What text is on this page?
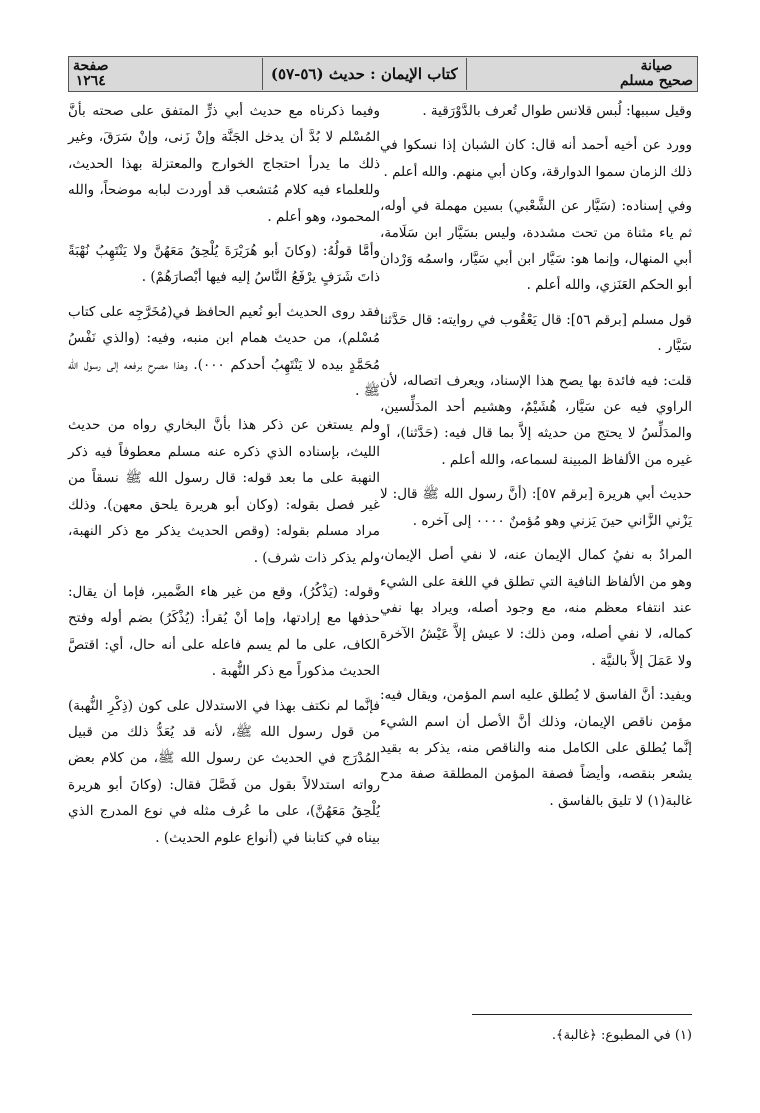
صيانة
صحيح مسلم
كتاب الإيمان : حديث (٥٦-٥٧)
صفحة
١٢٦٤

وقيل سببها: لُبس قلانس طوال تُعرف بالدَّوْرَقية .

وورد عن أخيه أحمد أنه قال: كان الشبان إذا نسكوا في ذلك الزمان سموا الدوارقة، وكان أبي منهم. والله أعلم .

وفي إسناده: (سَيَّار عن الشَّعْبي) بسين مهملة في أوله، ثم ياء مثناة من تحت مشددة، وليس بسَيَّار ابن سَلَامة، أبي المنهال، وإنما هو: سَيَّار ابن أبي سَيَّار، واسمُه وَرْدان أبو الحكم العَنَزي، والله أعلم .

قول مسلم [برقم ٥٦]: قال يَعْقُوب في روايته: قال حَدَّثنا سَيَّار .

قلت: فيه فائدة بها يصح هذا الإسناد، ويعرف اتصاله، لأن الراوي فيه عن سَيَّار، هُشَيْمٌ، وهشيم أحد المدَلِّسين، والمدَلِّسُ لا يحتج من حديثه إلاَّ بما قال فيه: (حَدَّثنا)، أو غيره من الألفاظ المبينة لسماعه، والله أعلم .

حديث أبي هريرة [برقم ٥٧]: (أنَّ رسول الله ﷺ قال: لا يَزْني الزَّاني حينَ يَزني وهو مُؤمنٌ ٠٠٠٠ إلى آخره .

المرادُ به نفيُ كمال الإيمان عنه، لا نفي أصل الإيمان، وهو من الألفاظ النافية التي تطلق في اللغة على الشيء عند انتفاء معظم منه، مع وجود أصله، ويراد بها نفي كماله، لا نفي أصله، ومن ذلك: لا عيش إلاَّ عَيْشُ الآخرة ولا عَمَلَ إلاَّ بالنيَّة .

ويفيد: أنَّ الفاسق لا يُطلق عليه اسم المؤمن، ويقال فيه: مؤمن ناقص الإيمان، وذلك أنَّ الأصل أن اسم الشيء إنَّما يُطلق على الكامل منه والناقص منه، يذكر به بقيد يشعر بنقصه، وأيضاً فصفة المؤمن المطلقة صفة مدح غالبة(١) لا تليق بالفاسق .

وفيما ذكرناه مع حديث أبي ذرٍّ المتفق على صحته بأنَّ المُسْلم لا بُدَّ أن يدخل الجَنَّة وإنْ زَنى، وإنْ سَرَقَ، وغير ذلك ما يدرأ احتجاج الخوارج والمعتزلة بهذا الحديث، وللعلماء فيه كلام مُتشعب قد أوردت لبابه موضحاً، والله المحمود، وهو أعلم .

وأمَّا قولُهُ: (وكانَ أبو هُرَيْرَةَ يُلْحِقُ مَعَهُنَّ ولا يَنْتَهِبُ نُهْبَةً ذاتَ شَرَفٍ يرْفَعُ النَّاسُ إليه فيها أبْصارَهُمْ) .

فقد روى الحديث أبو نُعيم الحافظ في(مُخَرَّجِه على كتاب مُسْلم)، من حديث همام ابن منبه، وفيه: (والذي نَفْسُ مُحَمَّدٍ بيده لا يَنْتَهِبُ أحدكم ٠٠٠). وهذا مصرح برفعه إلى رسول الله ﷺ .

ولم يستغن عن ذكر هذا بأنَّ البخاري رواه من حديث الليث، بإسناده الذي ذكره عنه مسلم معطوفاً فيه ذكر النهبة على ما بعد قوله: قال رسول الله ﷺ نسقاً من غير فصل بقوله: (وكان أبو هريرة يلحق معهن). وذلك مراد مسلم بقوله: (وقص الحديث يذكر مع ذكر النهبة، ولم يذكر ذات شرف) .

وقوله: (يَذْكُرُ)، وقع من غير هاء الضَّمير، فإما أن يقال: حذفها مع إرادتها، وإما أنْ يُقرأ: (يُذْكَرُ) بضم أوله وفتح الكاف، على ما لم يسم فاعله على أنه حال، أي: اقتصَّ الحديث مذكوراً مع ذكر النُّهبة .

فإنَّما لم نكتف بهذا في الاستدلال على كون (ذِكْرِ النُّهبة) من قول رسول الله ﷺ، لأنه قد يُعَدُّ ذلك من قبيل المُدْرَج في الحديث عن رسول الله ﷺ، من كلام بعض رواته استدلالاً بقول من فَصَّلَ فقال: (وكانَ أبو هريرة يُلْحِقُ مَعَهُنَّ)، على ما عُرف مثله في نوع المدرج الذي بيناه في كتابنا في (أنواع علوم الحديث) .

(١) في المطبوع: ﴿غالبة﴾.
